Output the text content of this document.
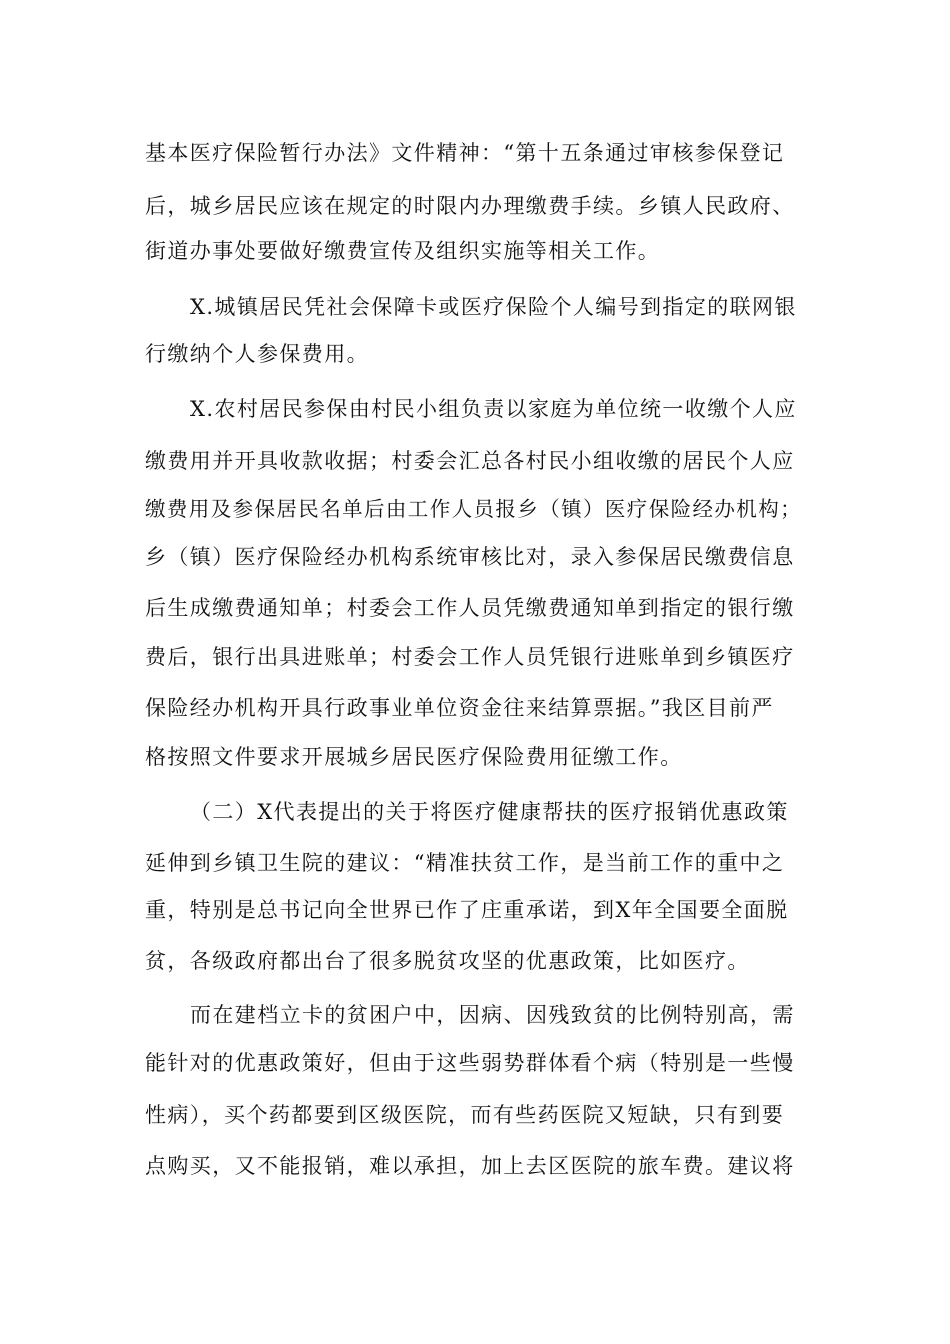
基本医疗保险暂行办法》文件精神：“第十五条通过审核参保登记
后，城乡居民应该在规定的时限内办理缴费手续。乡镇人民政府、
街道办事处要做好缴费宣传及组织实施等相关工作。
X.城镇居民凭社会保障卡或医疗保险个人编号到指定的联网银
行缴纳个人参保费用。
X.农村居民参保由村民小组负责以家庭为单位统一收缴个人应
缴费用并开具收款收据；村委会汇总各村民小组收缴的居民个人应
缴费用及参保居民名单后由工作人员报乡（镇）医疗保险经办机构；
乡（镇）医疗保险经办机构系统审核比对，录入参保居民缴费信息
后生成缴费通知单；村委会工作人员凭缴费通知单到指定的银行缴
费后，银行出具进账单；村委会工作人员凭银行进账单到乡镇医疗
保险经办机构开具行政事业单位资金往来结算票据。”我区目前严
格按照文件要求开展城乡居民医疗保险费用征缴工作。
（二）X代表提出的关于将医疗健康帮扶的医疗报销优惠政策
延伸到乡镇卫生院的建议：“精准扶贫工作，是当前工作的重中之
重，特别是总书记向全世界已作了庄重承诺，到X年全国要全面脱
贫，各级政府都出台了很多脱贫攻坚的优惠政策，比如医疗。
而在建档立卡的贫困户中，因病、因残致贫的比例特别高，需
能针对的优惠政策好，但由于这些弱势群体看个病（特别是一些慢
性病），买个药都要到区级医院，而有些药医院又短缺，只有到要
点购买，又不能报销，难以承担，加上去区医院的旅车费。建议将
